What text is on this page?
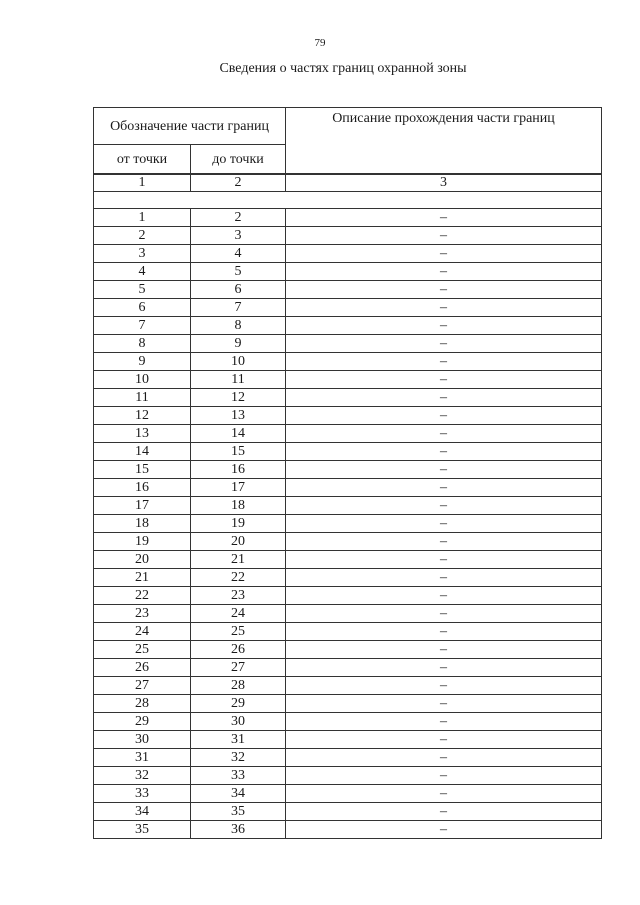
79
Сведения о частях границ охранной зоны
Обозначение части границ		Описание прохождения части границ
от точки	до точки	
1	2	3

1	2	–
2	3	–
3	4	–
4	5	–
5	6	–
6	7	–
7	8	–
8	9	–
9	10	–
10	11	–
11	12	–
12	13	–
13	14	–
14	15	–
15	16	–
16	17	–
17	18	–
18	19	–
19	20	–
20	21	–
21	22	–
22	23	–
23	24	–
24	25	–
25	26	–
26	27	–
27	28	–
28	29	–
29	30	–
30	31	–
31	32	–
32	33	–
33	34	–
34	35	–
35	36	–
